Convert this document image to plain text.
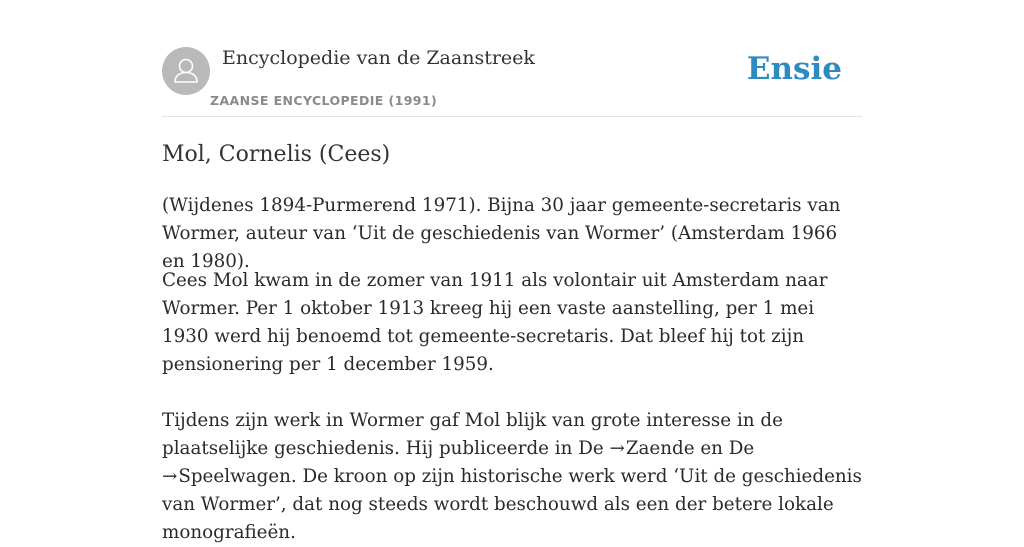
Encyclopedie van de Zaanstreek
ZAANSE ENCYCLOPEDIE (1991)
Ensie
Mol, Cornelis (Cees)

(Wijdenes 1894-Purmerend 1971). Bijna 30 jaar gemeente-secretaris van Wormer, auteur van ‘Uit de geschiedenis van Wormer’ (Amsterdam 1966 en 1980).

Cees Mol kwam in de zomer van 1911 als volontair uit Amsterdam naar Wormer. Per 1 oktober 1913 kreeg hij een vaste aanstelling, per 1 mei 1930 werd hij benoemd tot gemeente-secretaris. Dat bleef hij tot zijn pensionering per 1 december 1959.

Tijdens zijn werk in Wormer gaf Mol blijk van grote interesse in de plaatselijke geschiedenis. Hij publiceerde in De →Zaende en De →Speelwagen. De kroon op zijn historische werk werd ‘Uit de geschiedenis van Wormer’, dat nog steeds wordt beschouwd als een der betere lokale monografieën.
